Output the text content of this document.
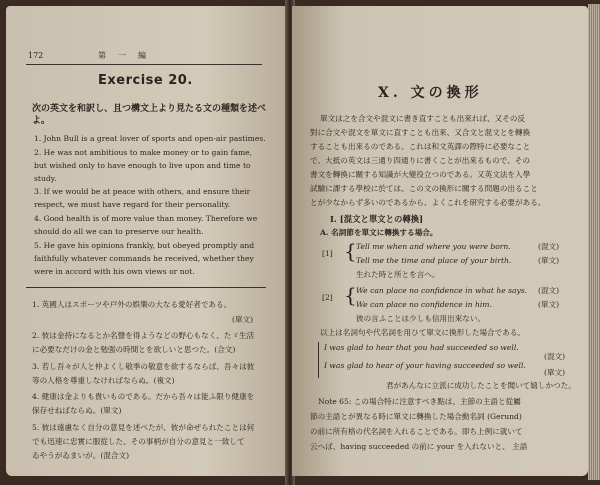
172	第　一　編
Exercise 20.
次の英文を和訳し、且つ構文上より見たる文の種類を述べ
よ。
1. John Bull is a great lover of sports and open-air pastimes.
2. He was not ambitious to make money or to gain fame,
but wished only to have enough to live upon and time to
study.
3. If we would be at peace with others, and ensure their
respect, we must have regard for their personality.
4. Good health is of more value than money. Therefore we
should do all we can to preserve our health.
5. He gave his opinions frankly, but obeyed promptly and
faithfully whatever commands he received, whether they
were in accord with his own views or not.
1. 英國人はスポーツや戸外の娯樂の大なる愛好者である。
(單文)
2. 彼は金持になるとか名聲を得ようなどの野心もなく、たゞ生活
に必要なだけの金と勉强の時間とを欲しいと思つた。(合文)
3. 若し吾々が人と仲よくし敬季の敬意を欲するならば、吾々は彼
等の人格を尊重しなければならぬ。(複文)
4. 健康は金よりも貴いものである。だから吾々は能ふ限り健康を
保存せねばならぬ。(單文)
5. 彼は遠慮なく自分の意見を述べたが、彼が命ぜられたことは何
でも迅速に忠實に服從した、その事柄が自分の意見と一致して
ゐやうがゐまいが。(混合文)
X. 文の換形
單文は之を合文や混文に書き直すことも出來れば、又その反
對に合文や混文を單文に直すことも出來、又合文と混文とを轉換
することも出來るのである。これは和文英譯の際特に必要なこと
で、大抵の英文は三通り四通りに書くことが出來るもので、その
書文を轉換に關する知識が大變役立つのである。又英文法を入學
試驗に課する學校に於ては、この文の換形に關する問題の出ること
とが少なからず多いのであるから、よくこれを研究する必要がある。
I. [混文と單文との轉換]
A. 名詞節を單文に轉換する場合。
[1] { Tell me when and where you were born.	(混文)
Tell me the time and place of your birth.	(單文)
生れた時と所とを言へ。
[2] { We can place no confidence in what he says. (混文)
We can place no confidence in him.	(單文)
彼の言ふことは少しも信用出來ない。
以上は名詞句や代名詞を用ひて單文に換形した場合である。
I was glad to hear that you had succeeded so well.
(混文)
I was glad to hear of your having succeeded so well.
(單文)
君があんなに立派に成功したことを聞いて嬉しかつた。
Note 65: この場合特に注意すべき點は、主節の主語と從屬
節の主語とが異なる時に單文に轉換した場合動名詞 (Gerund)
の前に所有格の代名詞を入れることである。即ち上例に就いて
云へば、having succeeded の前に your を入れないと、 主語
